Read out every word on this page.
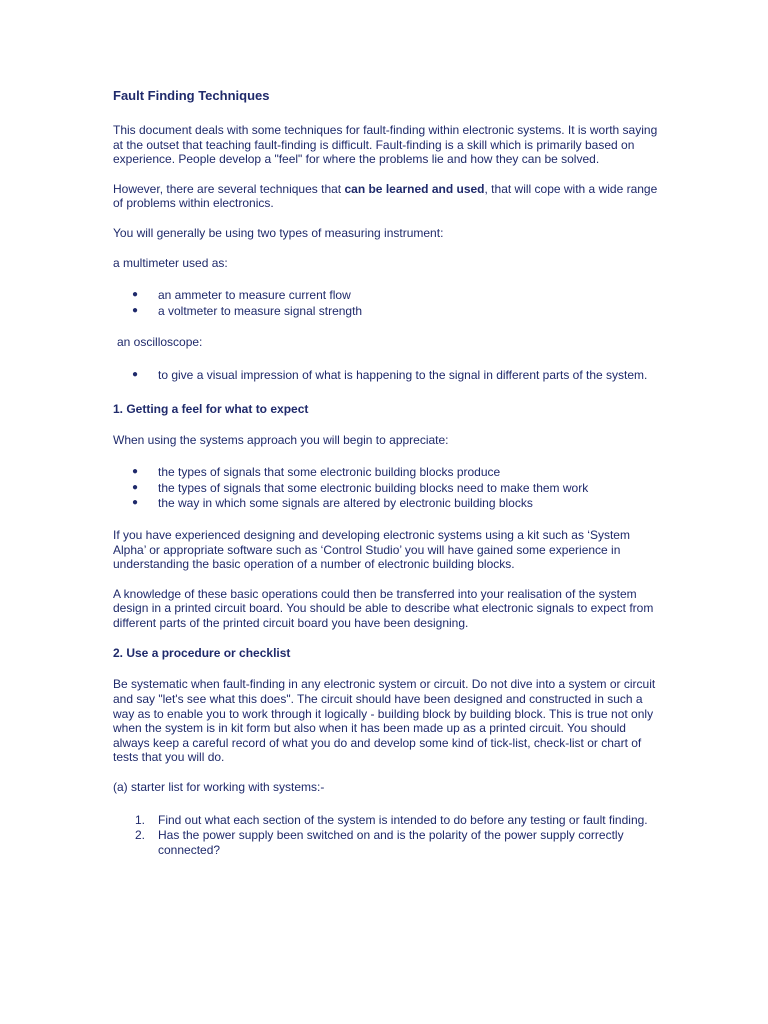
Fault Finding Techniques

This document deals with some techniques for fault-finding within electronic systems. It is worth saying at the outset that teaching fault-finding is difficult. Fault-finding is a skill which is primarily based on experience. People develop a "feel" for where the problems lie and how they can be solved.

However, there are several techniques that can be learned and used, that will cope with a wide range of problems within electronics.

You will generally be using two types of measuring instrument:

a multimeter used as:

● an ammeter to measure current flow
● a voltmeter to measure signal strength

an oscilloscope:

● to give a visual impression of what is happening to the signal in different parts of the system.
1. Getting a feel for what to expect

When using the systems approach you will begin to appreciate:

● the types of signals that some electronic building blocks produce
● the types of signals that some electronic building blocks need to make them work
● the way in which some signals are altered by electronic building blocks

If you have experienced designing and developing electronic systems using a kit such as ‘System Alpha’ or appropriate software such as ‘Control Studio’ you will have gained some experience in understanding the basic operation of a number of electronic building blocks.

A knowledge of these basic operations could then be transferred into your realisation of the system design in a printed circuit board. You should be able to describe what electronic signals to expect from different parts of the printed circuit board you have been designing.

2. Use a procedure or checklist

Be systematic when fault-finding in any electronic system or circuit. Do not dive into a system or circuit and say "let's see what this does". The circuit should have been designed and constructed in such a way as to enable you to work through it logically - building block by building block. This is true not only when the system is in kit form but also when it has been made up as a printed circuit. You should always keep a careful record of what you do and develop some kind of tick-list, check-list or chart of tests that you will do.

(a) starter list for working with systems:-

1. Find out what each section of the system is intended to do before any testing or fault finding.
2. Has the power supply been switched on and is the polarity of the power supply correctly connected?
